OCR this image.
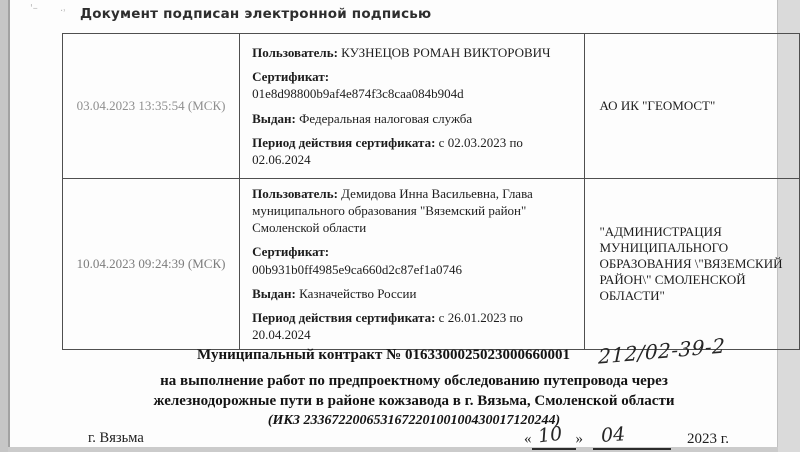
ꞌ– ·˒ Документ подписан электронной подписью
03.04.2023 13:35:54 (МСК)	Пользователь: КУЗНЕЦОВ РОМАН ВИКТОРОВИЧ

Сертификат:
01e8d98800b9af4e874f3c8caa084b904d

Выдан: Федеральная налоговая служба

Период действия сертификата: с 02.03.2023 по 02.06.2024	АО ИК "ГЕОМОСТ"
10.04.2023 09:24:39 (МСК)	Пользователь: Демидова Инна Васильевна, Глава муниципального образования "Вяземский район" Смоленской области

Сертификат:
00b931b0ff4985e9ca660d2c87ef1a0746

Выдан: Казначейство России

Период действия сертификата: с 26.01.2023 по 20.04.2024	"АДМИНИСТРАЦИЯ МУНИЦИПАЛЬНОГО ОБРАЗОВАНИЯ \"ВЯЗЕМСКИЙ РАЙОН\" СМОЛЕНСКОЙ ОБЛАСТИ"
Муниципальный контракт № 0163300025023000660001 212/02-39-2
на выполнение работ по предпроектному обследованию путепровода через
железнодорожные пути в районе кожзавода в г. Вязьма, Смоленской области
(ИКЗ 233672200653167220100100430017120244)
г. Вязьма	« 10 » 04	2023 г.
